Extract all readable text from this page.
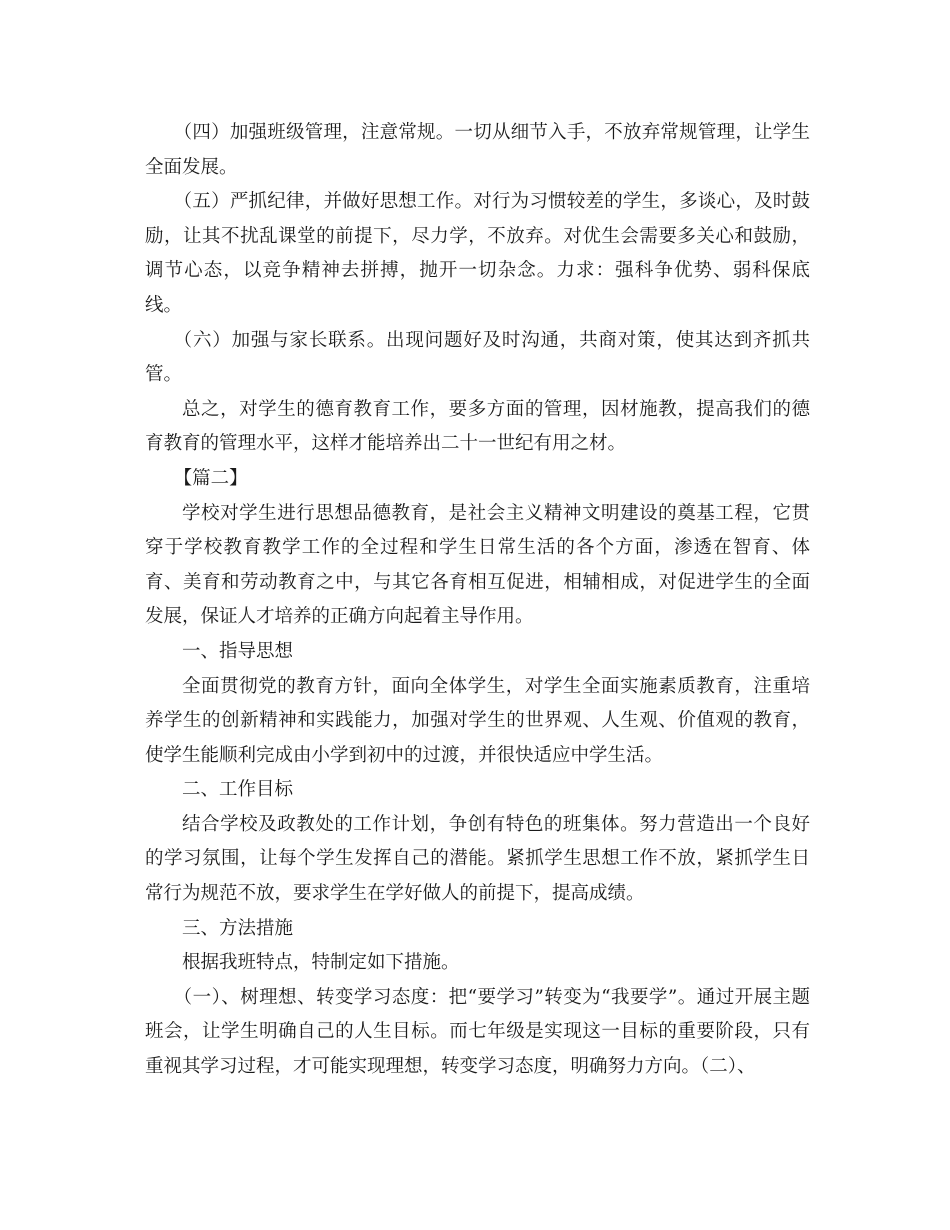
（四）加强班级管理，注意常规。一切从细节入手，不放弃常规管理，让学生全面发展。

（五）严抓纪律，并做好思想工作。对行为习惯较差的学生，多谈心，及时鼓励，让其不扰乱课堂的前提下，尽力学，不放弃。对优生会需要多关心和鼓励，调节心态，以竞争精神去拼搏，抛开一切杂念。力求：强科争优势、弱科保底线。

（六）加强与家长联系。出现问题好及时沟通，共商对策，使其达到齐抓共管。

总之，对学生的德育教育工作，要多方面的管理，因材施教，提高我们的德育教育的管理水平，这样才能培养出二十一世纪有用之材。

【篇二】

学校对学生进行思想品德教育，是社会主义精神文明建设的奠基工程，它贯穿于学校教育教学工作的全过程和学生日常生活的各个方面，渗透在智育、体育、美育和劳动教育之中，与其它各育相互促进，相辅相成，对促进学生的全面发展，保证人才培养的正确方向起着主导作用。

一、指导思想

全面贯彻党的教育方针，面向全体学生，对学生全面实施素质教育，注重培养学生的创新精神和实践能力，加强对学生的世界观、人生观、价值观的教育，使学生能顺利完成由小学到初中的过渡，并很快适应中学生活。

二、工作目标

结合学校及政教处的工作计划，争创有特色的班集体。努力营造出一个良好的学习氛围，让每个学生发挥自己的潜能。紧抓学生思想工作不放，紧抓学生日常行为规范不放，要求学生在学好做人的前提下，提高成绩。

三、方法措施

根据我班特点，特制定如下措施。

（一）、树理想、转变学习态度：把“要学习”转变为“我要学”。通过开展主题班会，让学生明确自己的人生目标。而七年级是实现这一目标的重要阶段，只有重视其学习过程，才可能实现理想，转变学习态度，明确努力方向。（二）、
